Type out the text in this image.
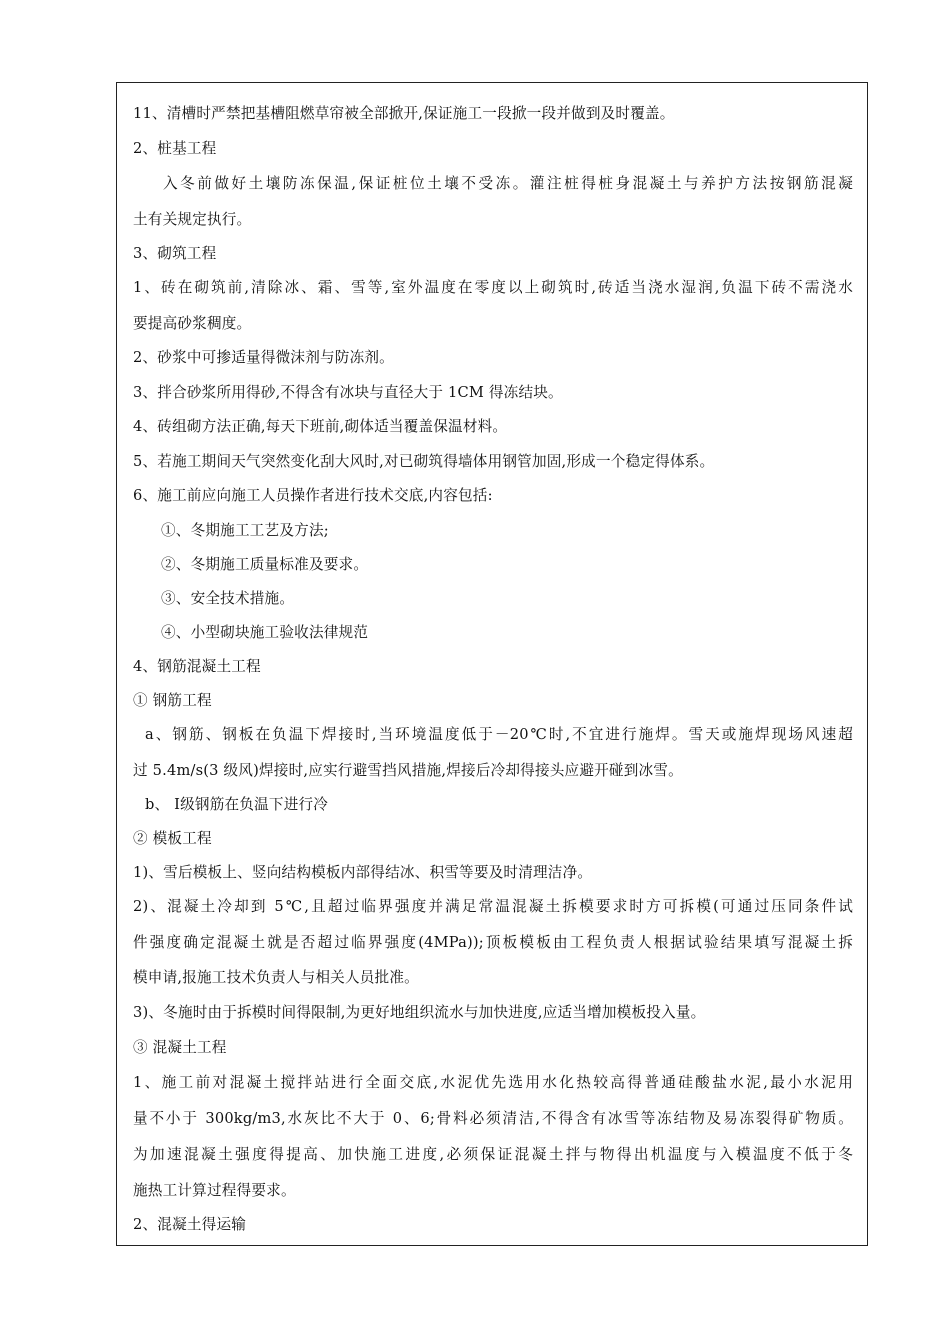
11、清槽时严禁把基槽阻燃草帘被全部掀开,保证施工一段掀一段并做到及时覆盖。
2、桩基工程
入冬前做好土壤防冻保温,保证桩位土壤不受冻。灌注桩得桩身混凝土与养护方法按钢筋混凝
土有关规定执行。
3、砌筑工程
1、砖在砌筑前,清除冰、霜、雪等,室外温度在零度以上砌筑时,砖适当浇水湿润,负温下砖不需浇水
要提高砂浆稠度。
2、砂浆中可掺适量得微沫剂与防冻剂。
3、拌合砂浆所用得砂,不得含有冰块与直径大于 1CM 得冻结块。
4、砖组砌方法正确,每天下班前,砌体适当覆盖保温材料。
5、若施工期间天气突然变化刮大风时,对已砌筑得墙体用钢管加固,形成一个稳定得体系。
6、施工前应向施工人员操作者进行技术交底,内容包括:
①、冬期施工工艺及方法;
②、冬期施工质量标准及要求。
③、安全技术措施。
④、小型砌块施工验收法律规范
4、钢筋混凝土工程
① 钢筋工程
a、钢筋、钢板在负温下焊接时,当环境温度低于－20℃时,不宜进行施焊。雪天或施焊现场风速超
过 5.4m/s(3 级风)焊接时,应实行避雪挡风措施,焊接后冷却得接头应避开碰到冰雪。
b、 Ⅰ级钢筋在负温下进行冷
② 模板工程
1)、雪后模板上、竖向结构模板内部得结冰、积雪等要及时清理洁净。
2)、混凝土冷却到 5℃,且超过临界强度并满足常温混凝土拆模要求时方可拆模(可通过压同条件试
件强度确定混凝土就是否超过临界强度(4MPa));顶板模板由工程负责人根据试验结果填写混凝土拆
模申请,报施工技术负责人与相关人员批准。
3)、冬施时由于拆模时间得限制,为更好地组织流水与加快进度,应适当增加模板投入量。
③ 混凝土工程
1、施工前对混凝土搅拌站进行全面交底,水泥优先选用水化热较高得普通硅酸盐水泥,最小水泥用
量不小于 300kg/m3,水灰比不大于 0、6;骨料必须清洁,不得含有冰雪等冻结物及易冻裂得矿物质。
为加速混凝土强度得提高、加快施工进度,必须保证混凝土拌与物得出机温度与入模温度不低于冬
施热工计算过程得要求。
2、混凝土得运输
